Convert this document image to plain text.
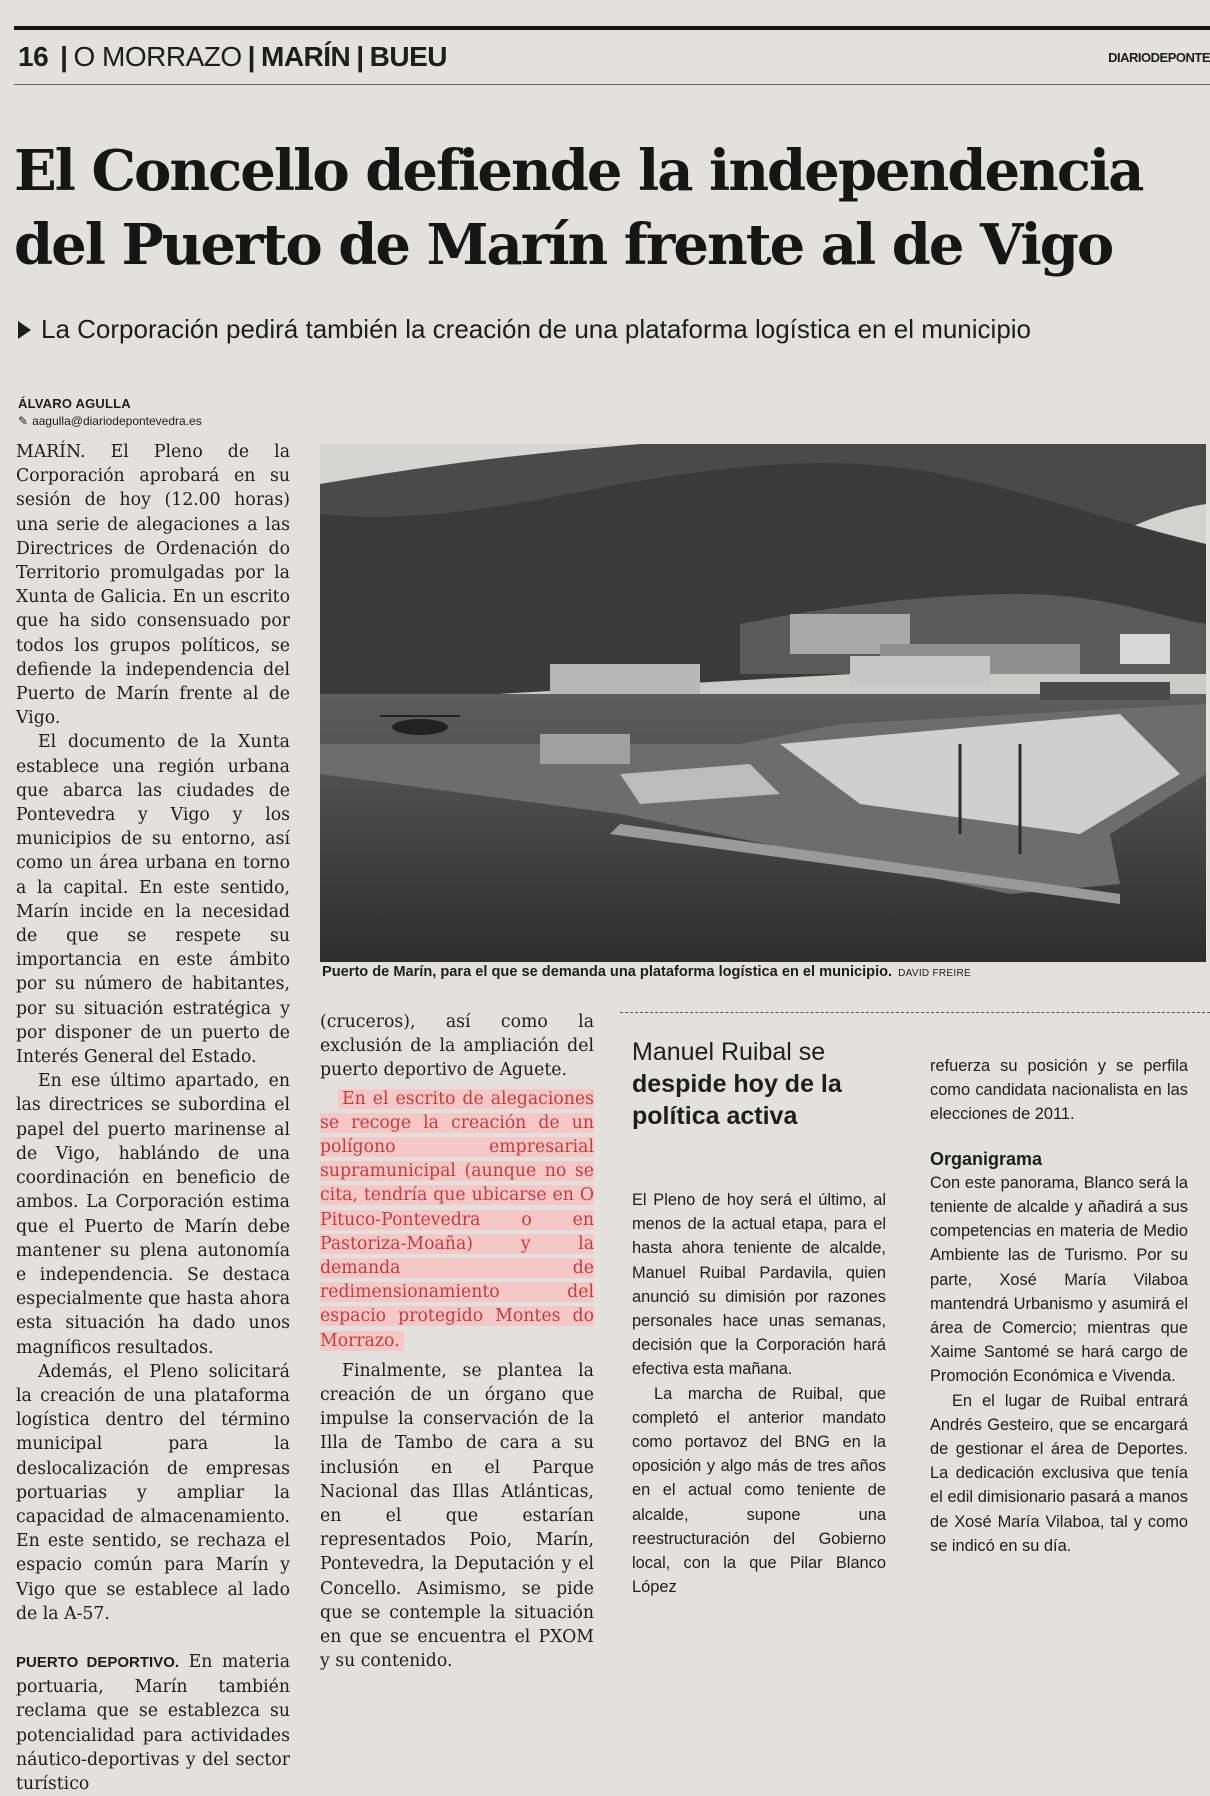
16 | O MORRAZO | MARÍN | BUEU	DIARIODEPONTE
El Concello defiende la independencia
del Puerto de Marín frente al de Vigo
La Corporación pedirá también la creación de una plataforma logística en el municipio
ÁLVARO AGULLA
✎ aagulla@diariodepontevedra.es

MARÍN. El Pleno de la Corporación aprobará en su sesión de hoy (12.00 horas) una serie de alegaciones a las Directrices de Ordenación do Territorio promulgadas por la Xunta de Galicia. En un escrito que ha sido consensuado por todos los grupos políticos, se defiende la independencia del Puerto de Marín frente al de Vigo.

El documento de la Xunta establece una región urbana que abarca las ciudades de Pontevedra y Vigo y los municipios de su entorno, así como un área urbana en torno a la capital. En este sentido, Marín incide en la necesidad de que se respete su importancia en este ámbito por su número de habitantes, por su situación estratégica y por disponer de un puerto de Interés General del Estado.

En ese último apartado, en las directrices se subordina el papel del puerto marinense al de Vigo, hablándo de una coordinación en beneficio de ambos. La Corporación estima que el Puerto de Marín debe mantener su plena autonomía e independencia. Se destaca especialmente que hasta ahora esta situación ha dado unos magníficos resultados.

Además, el Pleno solicitará la creación de una plataforma logística dentro del término municipal para la deslocalización de empresas portuarias y ampliar la capacidad de almacenamiento. En este sentido, se rechaza el espacio común para Marín y Vigo que se establece al lado de la A-57.

PUERTO DEPORTIVO. En materia portuaria, Marín también reclama que se establezca su potencialidad para actividades náutico-deportivas y del sector turístico

Puerto de Marín, para el que se demanda una plataforma logística en el municipio. DAVID FREIRE

(cruceros), así como la exclusión de la ampliación del puerto deportivo de Aguete.

En el escrito de alegaciones se recoge la creación de un polígono empresarial supramunicipal (aunque no se cita, tendría que ubicarse en O Pituco-Pontevedra o en Pastoriza-Moaña) y la demanda de redimensionamiento del espacio protegido Montes do Morrazo.

Finalmente, se plantea la creación de un órgano que impulse la conservación de la Illa de Tambo de cara a su inclusión en el Parque Nacional das Illas Atlánticas, en el que estarían representados Poio, Marín, Pontevedra, la Deputación y el Concello. Asimismo, se pide que se contemple la situación en que se encuentra el PXOM y su contenido.

Manuel Ruibal se
despide hoy de la política activa

El Pleno de hoy será el último, al menos de la actual etapa, para el hasta ahora teniente de alcalde, Manuel Ruibal Pardavila, quien anunció su dimisión por razones personales hace unas semanas, decisión que la Corporación hará efectiva esta mañana.

La marcha de Ruibal, que completó el anterior mandato como portavoz del BNG en la oposición y algo más de tres años en el actual como teniente de alcalde, supone una reestructuración del Gobierno local, con la que Pilar Blanco López

refuerza su posición y se perfila como candidata nacionalista en las elecciones de 2011.

Organigrama

Con este panorama, Blanco será la teniente de alcalde y añadirá a sus competencias en materia de Medio Ambiente las de Turismo. Por su parte, Xosé María Vilaboa mantendrá Urbanismo y asumirá el área de Comercio; mientras que Xaime Santomé se hará cargo de Promoción Económica e Vivenda.

En el lugar de Ruibal entrará Andrés Gesteiro, que se encargará de gestionar el área de Deportes. La dedicación exclusiva que tenía el edil dimisionario pasará a manos de Xosé María Vilaboa, tal y como se indicó en su día.
